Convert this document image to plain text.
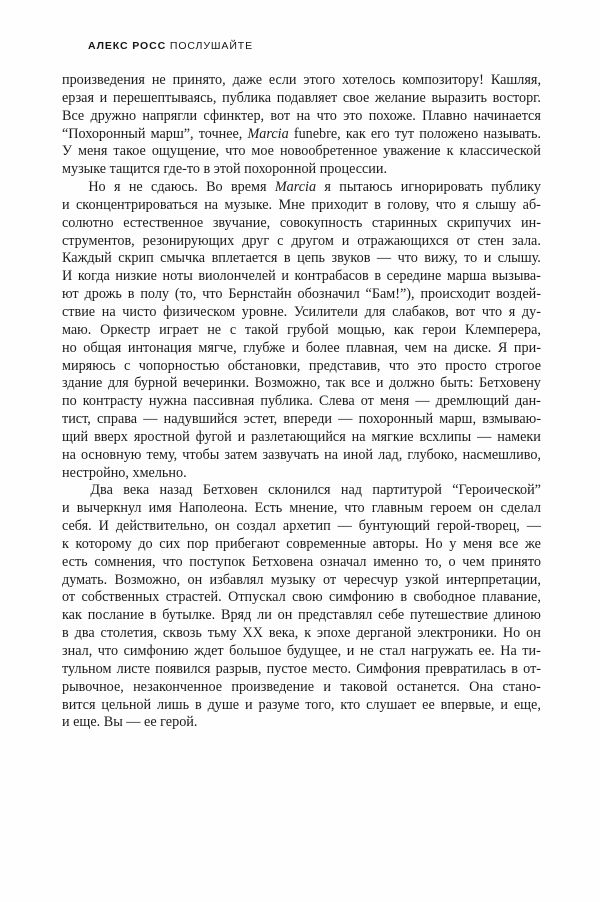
АЛЕКС РОСС ПОСЛУШАЙТЕ
произведения не принято, даже если этого хотелось композитору! Кашляя,
ерзая и перешептываясь, публика подавляет свое желание выразить восторг.
Все дружно напрягли сфинктер, вот на что это похоже. Плавно начинается
“Похоронный марш”, точнее, Marcia funebre, как его тут положено называть.
У меня такое ощущение, что мое новообретенное уважение к классической
музыке тащится где-то в этой похоронной процессии.
Но я не сдаюсь. Во время Marcia я пытаюсь игнорировать публику
и сконцентрироваться на музыке. Мне приходит в голову, что я слышу аб-
солютно естественное звучание, совокупность старинных скрипучих ин-
струментов, резонирующих друг с другом и отражающихся от стен зала.
Каждый скрип смычка вплетается в цепь звуков — что вижу, то и слышу.
И когда низкие ноты виолончелей и контрабасов в середине марша вызыва-
ют дрожь в полу (то, что Бернстайн обозначил “Бам!”), происходит воздей-
ствие на чисто физическом уровне. Усилители для слабаков, вот что я ду-
маю. Оркестр играет не с такой грубой мощью, как герои Клемперера,
но общая интонация мягче, глубже и более плавная, чем на диске. Я при-
миряюсь с чопорностью обстановки, представив, что это просто строгое
здание для бурной вечеринки. Возможно, так все и должно быть: Бетховену
по контрасту нужна пассивная публика. Слева от меня — дремлющий дан-
тист, справа — надувшийся эстет, впереди — похоронный марш, взмываю-
щий вверх яростной фугой и разлетающийся на мягкие всхлипы — намеки
на основную тему, чтобы затем зазвучать на иной лад, глубоко, насмешливо,
нестройно, хмельно.
Два века назад Бетховен склонился над партитурой “Героической”
и вычеркнул имя Наполеона. Есть мнение, что главным героем он сделал
себя. И действительно, он создал архетип — бунтующий герой-творец, —
к которому до сих пор прибегают современные авторы. Но у меня все же
есть сомнения, что поступок Бетховена означал именно то, о чем принято
думать. Возможно, он избавлял музыку от чересчур узкой интерпретации,
от собственных страстей. Отпускал свою симфонию в свободное плавание,
как послание в бутылке. Вряд ли он представлял себе путешествие длиною
в два столетия, сквозь тьму XX века, к эпохе дерганой электроники. Но он
знал, что симфонию ждет большое будущее, и не стал нагружать ее. На ти-
тульном листе появился разрыв, пустое место. Симфония превратилась в от-
рывочное, незаконченное произведение и таковой останется. Она стано-
вится цельной лишь в душе и разуме того, кто слушает ее впервые, и еще,
и еще. Вы — ее герой.
